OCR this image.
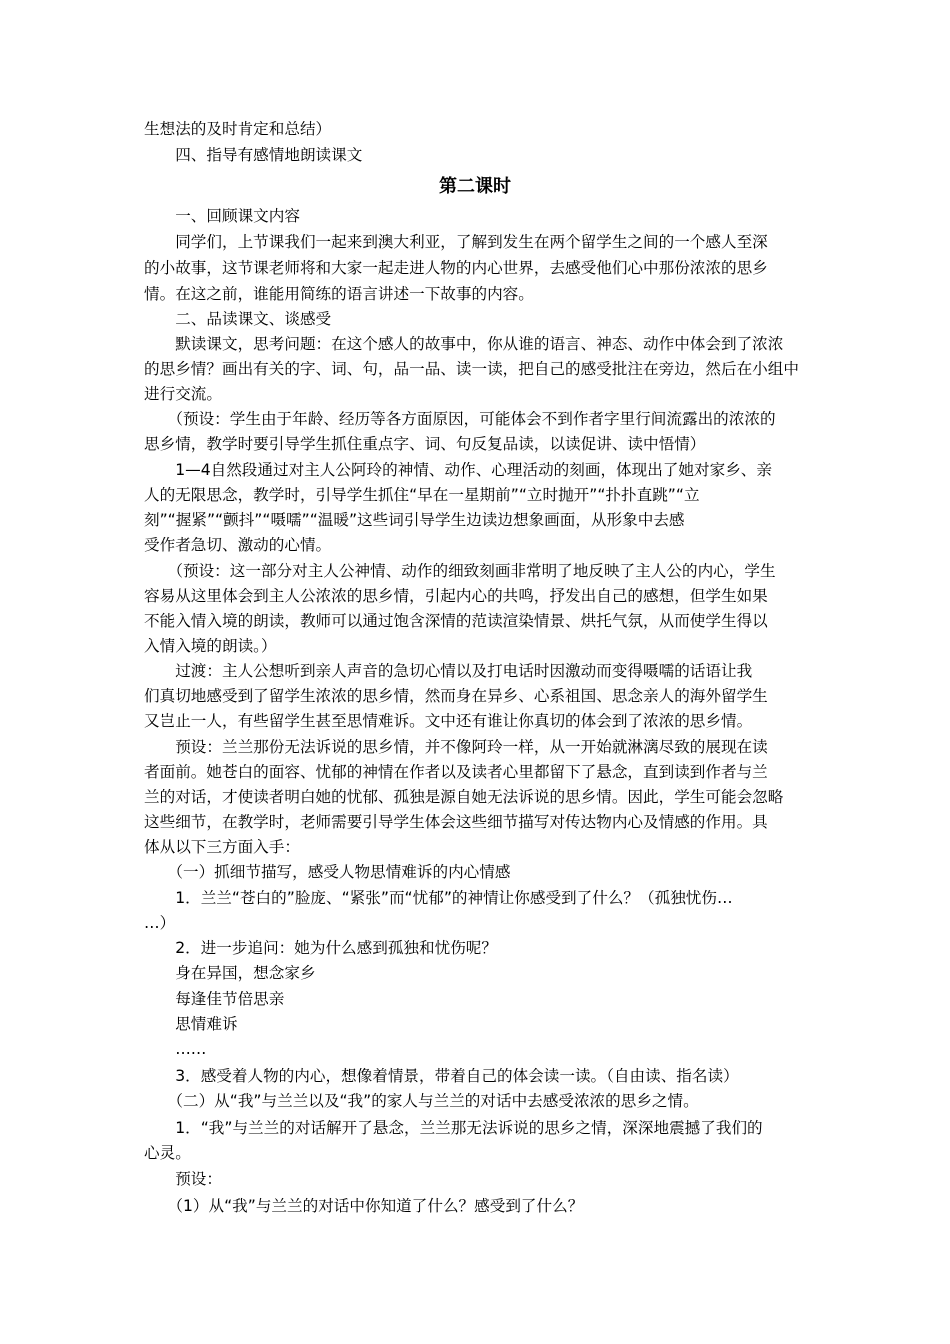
生想法的及时肯定和总结）
　　四、指导有感情地朗读课文
第二课时
　　一、回顾课文内容
　　同学们，上节课我们一起来到澳大利亚，了解到发生在两个留学生之间的一个感人至深
的小故事，这节课老师将和大家一起走进人物的内心世界，去感受他们心中那份浓浓的思乡
情。在这之前，谁能用简练的语言讲述一下故事的内容。
　　二、品读课文、谈感受
　　默读课文，思考问题：在这个感人的故事中，你从谁的语言、神态、动作中体会到了浓浓
的思乡情？画出有关的字、词、句，品一品、读一读，把自己的感受批注在旁边，然后在小组中
进行交流。
　　（预设：学生由于年龄、经历等各方面原因，可能体会不到作者字里行间流露出的浓浓的
思乡情，教学时要引导学生抓住重点字、词、句反复品读，以读促讲、读中悟情）
　　1—4自然段通过对主人公阿玲的神情、动作、心理活动的刻画，体现出了她对家乡、亲
人的无限思念，教学时，引导学生抓住“早在一星期前”“立时抛开”“扑扑直跳”“立
刻”“握紧”“颤抖”“嗫嚅”“温暖”这些词引导学生边读边想象画面，从形象中去感
受作者急切、激动的心情。
　　（预设：这一部分对主人公神情、动作的细致刻画非常明了地反映了主人公的内心，学生
容易从这里体会到主人公浓浓的思乡情，引起内心的共鸣，抒发出自己的感想，但学生如果
不能入情入境的朗读，教师可以通过饱含深情的范读渲染情景、烘托气氛，从而使学生得以
入情入境的朗读。）
　　过渡：主人公想听到亲人声音的急切心情以及打电话时因激动而变得嗫嚅的话语让我
们真切地感受到了留学生浓浓的思乡情，然而身在异乡、心系祖国、思念亲人的海外留学生
又岂止一人，有些留学生甚至思情难诉。文中还有谁让你真切的体会到了浓浓的思乡情。
　　预设：兰兰那份无法诉说的思乡情，并不像阿玲一样，从一开始就淋漓尽致的展现在读
者面前。她苍白的面容、忧郁的神情在作者以及读者心里都留下了悬念，直到读到作者与兰
兰的对话，才使读者明白她的忧郁、孤独是源自她无法诉说的思乡情。因此，学生可能会忽略
这些细节，在教学时，老师需要引导学生体会这些细节描写对传达物内心及情感的作用。具
体从以下三方面入手：
　　（一）抓细节描写，感受人物思情难诉的内心情感
　　1．兰兰“苍白的”脸庞、“紧张”而“忧郁”的神情让你感受到了什么？（孤独忧伤…
…）
　　2．进一步追问：她为什么感到孤独和忧伤呢？
　　身在异国，想念家乡
　　每逢佳节倍思亲
　　思情难诉
　　……
　　3．感受着人物的内心，想像着情景，带着自己的体会读一读。（自由读、指名读）
　　（二）从“我”与兰兰以及“我”的家人与兰兰的对话中去感受浓浓的思乡之情。
　　1．“我”与兰兰的对话解开了悬念，兰兰那无法诉说的思乡之情，深深地震撼了我们的
心灵。
　　预设：
　　（1）从“我”与兰兰的对话中你知道了什么？感受到了什么？
